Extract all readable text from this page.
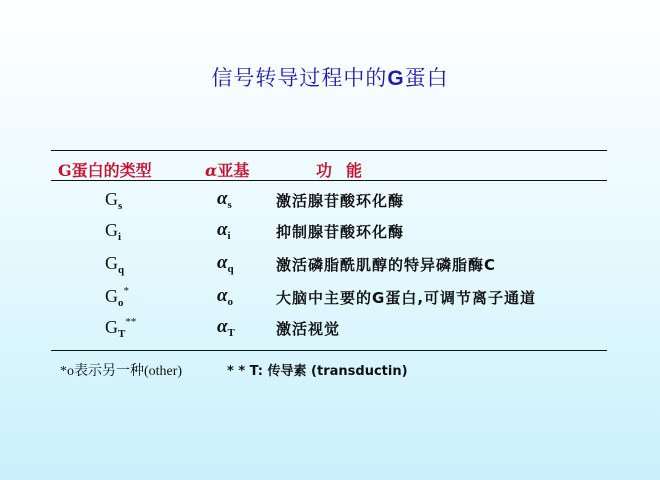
信号转导过程中的G蛋白
G蛋白的类型	α亚基	功能
$G_s$	$\alpha_s$	激活腺苷酸环化酶
$G_i$	$\alpha_i$	抑制腺苷酸环化酶
$G_q$	$\alpha_q$	激活磷脂酰肌醇的特异磷脂酶C
$G_o^*$	$\alpha_o$	大脑中主要的G蛋白,可调节离子通道
$G_T^{**}$	$\alpha_T$	激活视觉
*o表示另一种(other)	* * T: 传导素 (transductin)
